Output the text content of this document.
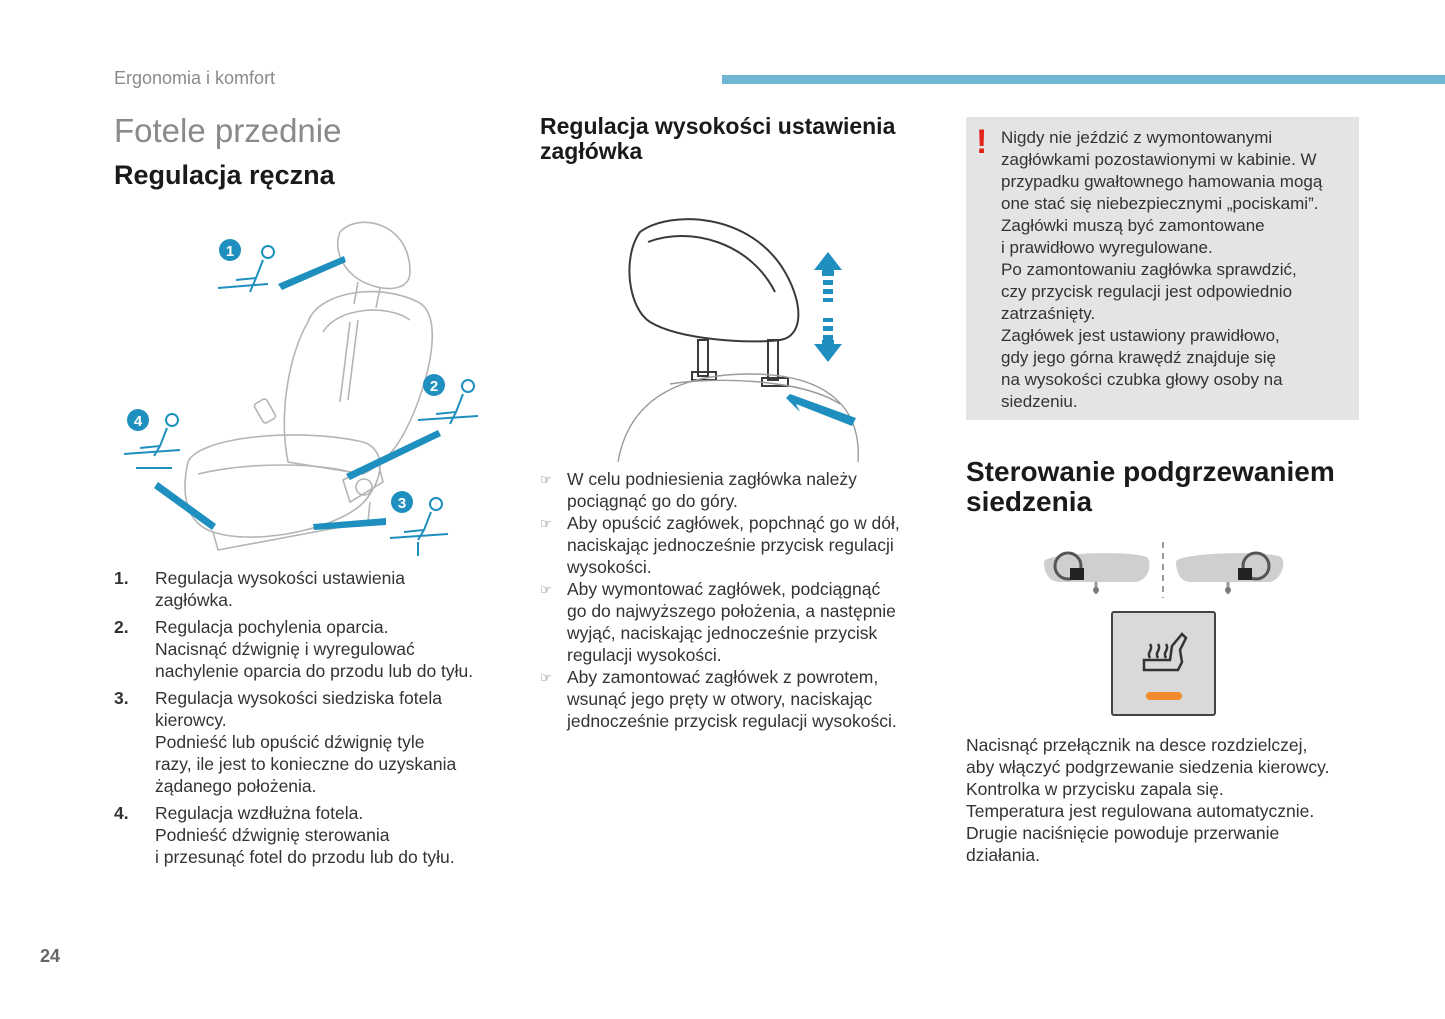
Ergonomia i komfort
Fotele przednie
Regulacja ręczna
1
2
3
4
1. Regulacja wysokości ustawienia
zagłówka.
2. Regulacja pochylenia oparcia.
Nacisnąć dźwignię i wyregulować
nachylenie oparcia do przodu lub do tyłu.
3. Regulacja wysokości siedziska fotela
kierowcy.
Podnieść lub opuścić dźwignię tyle
razy, ile jest to konieczne do uzyskania
żądanego położenia.
4. Regulacja wzdłużna fotela.
Podnieść dźwignię sterowania
i przesunąć fotel do przodu lub do tyłu.
Regulacja wysokości ustawienia
zagłówka
☞ W celu podniesienia zagłówka należy
pociągnąć go do góry.
☞ Aby opuścić zagłówek, popchnąć go w dół,
naciskając jednocześnie przycisk regulacji
wysokości.
☞ Aby wymontować zagłówek, podciągnąć
go do najwyższego położenia, a następnie
wyjąć, naciskając jednocześnie przycisk
regulacji wysokości.
☞ Aby zamontować zagłówek z powrotem,
wsunąć jego pręty w otwory, naciskając
jednocześnie przycisk regulacji wysokości.
! Nigdy nie jeździć z wymontowanymi

zagłówkami pozostawionymi w kabinie. W

przypadku gwałtownego hamowania mogą

one stać się niebezpiecznymi „pociskami”.

Zagłówki muszą być zamontowane

i prawidłowo wyregulowane.

Po zamontowaniu zagłówka sprawdzić,

czy przycisk regulacji jest odpowiednio

zatrzaśnięty.

Zagłówek jest ustawiony prawidłowo,

gdy jego górna krawędź znajduje się

na wysokości czubka głowy osoby na

siedzeniu.

Sterowanie podgrzewaniem
siedzenia

Nacisnąć przełącznik na desce rozdzielczej,

aby włączyć podgrzewanie siedzenia kierowcy.

Kontrolka w przycisku zapala się.

Temperatura jest regulowana automatycznie.

Drugie naciśnięcie powoduje przerwanie

działania.

24
